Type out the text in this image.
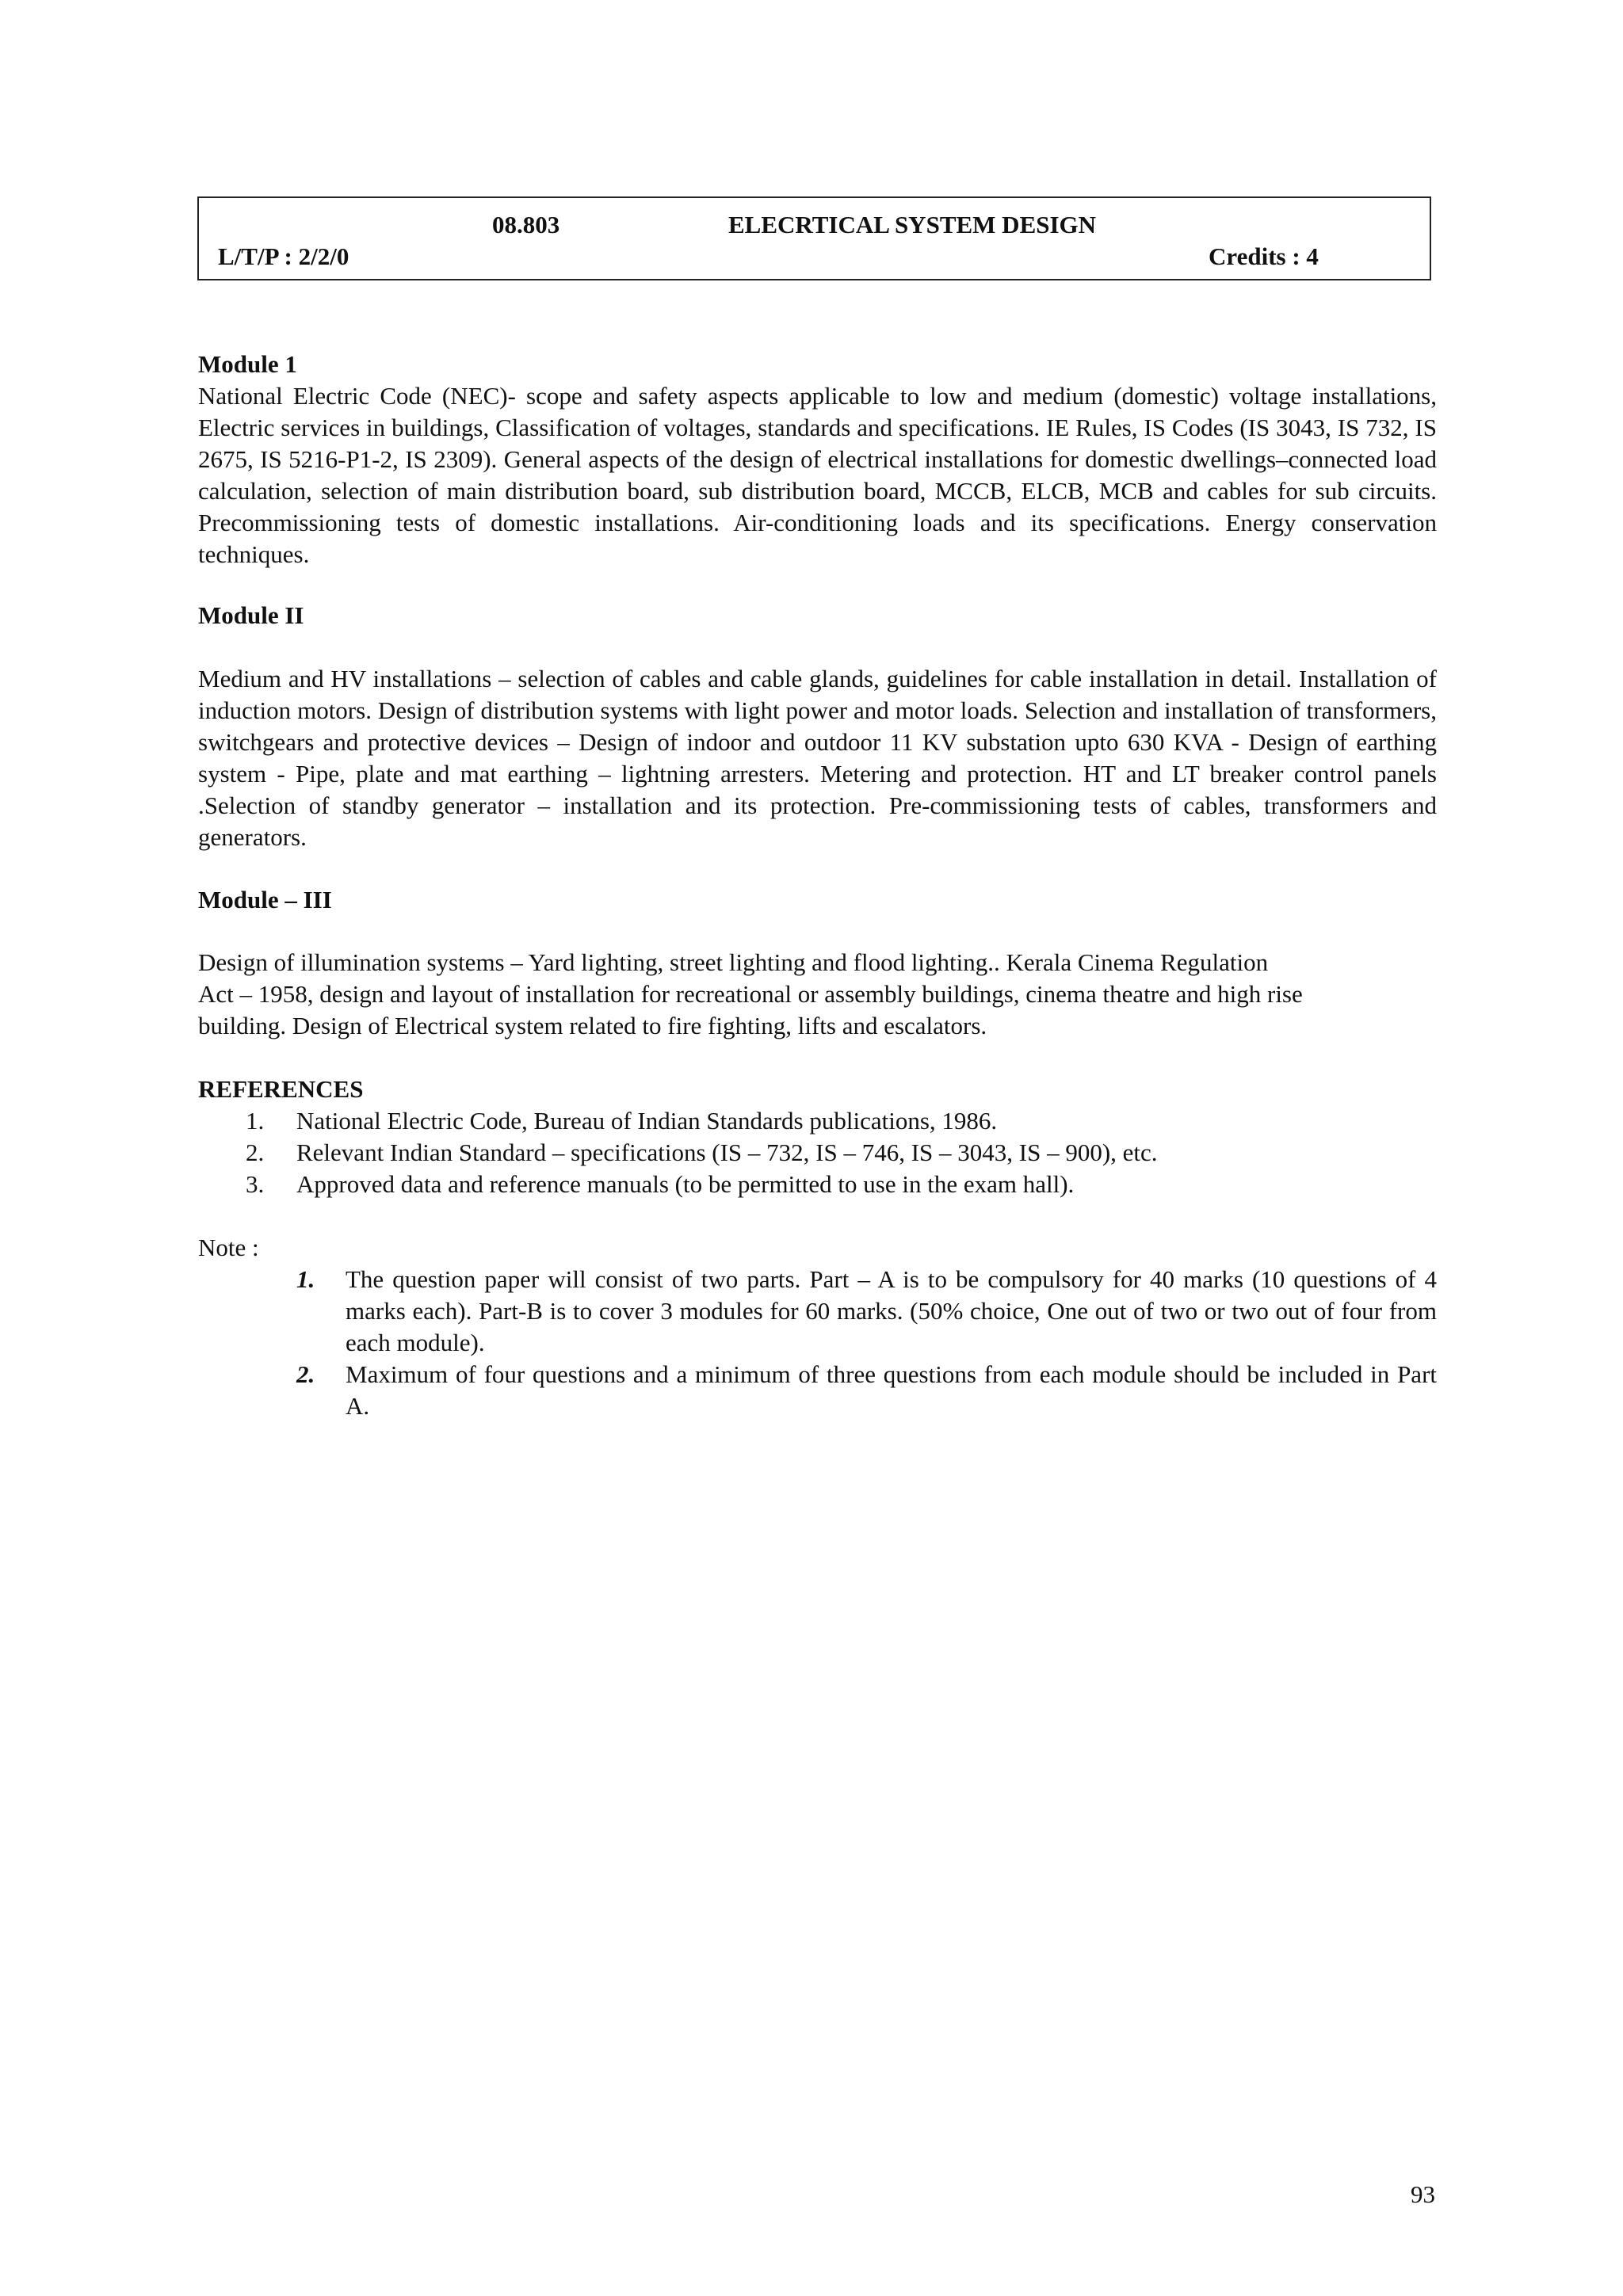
08.803	ELECRTICAL SYSTEM DESIGN
L/T/P : 2/2/0	Credits : 4
Module 1
National Electric Code (NEC)- scope and safety aspects applicable to low and medium (domestic) voltage installations, Electric services in buildings, Classification of voltages, standards and specifications. IE Rules, IS Codes (IS 3043, IS 732, IS 2675, IS 5216-P1-2, IS 2309). General aspects of the design of electrical installations for domestic dwellings–connected load calculation, selection of main distribution board, sub distribution board, MCCB, ELCB, MCB and cables for sub circuits. Precommissioning tests of domestic installations. Air-conditioning loads and its specifications. Energy conservation techniques.
Module II
Medium and HV installations – selection of cables and cable glands, guidelines for cable installation in detail. Installation of induction motors. Design of distribution systems with light power and motor loads. Selection and installation of transformers, switchgears and protective devices – Design of indoor and outdoor 11 KV substation upto 630 KVA - Design of earthing system - Pipe, plate and mat earthing – lightning arresters. Metering and protection. HT and LT breaker control panels .Selection of standby generator – installation and its protection. Pre-commissioning tests of cables, transformers and generators.
Module – III
Design of illumination systems – Yard lighting, street lighting and flood lighting.. Kerala Cinema Regulation
Act – 1958, design and layout of installation for recreational or assembly buildings, cinema theatre and high rise
building. Design of Electrical system related to fire fighting, lifts and escalators.
REFERENCES
1. National Electric Code, Bureau of Indian Standards publications, 1986.
2. Relevant Indian Standard – specifications (IS – 732, IS – 746, IS – 3043, IS – 900), etc.
3. Approved data and reference manuals (to be permitted to use in the exam hall).
Note :
1. The question paper will consist of two parts. Part – A is to be compulsory for 40 marks (10 questions of 4 marks each). Part-B is to cover 3 modules for 60 marks. (50% choice, One out of two or two out of four from each module).
2. Maximum of four questions and a minimum of three questions from each module should be included in Part A.
93
